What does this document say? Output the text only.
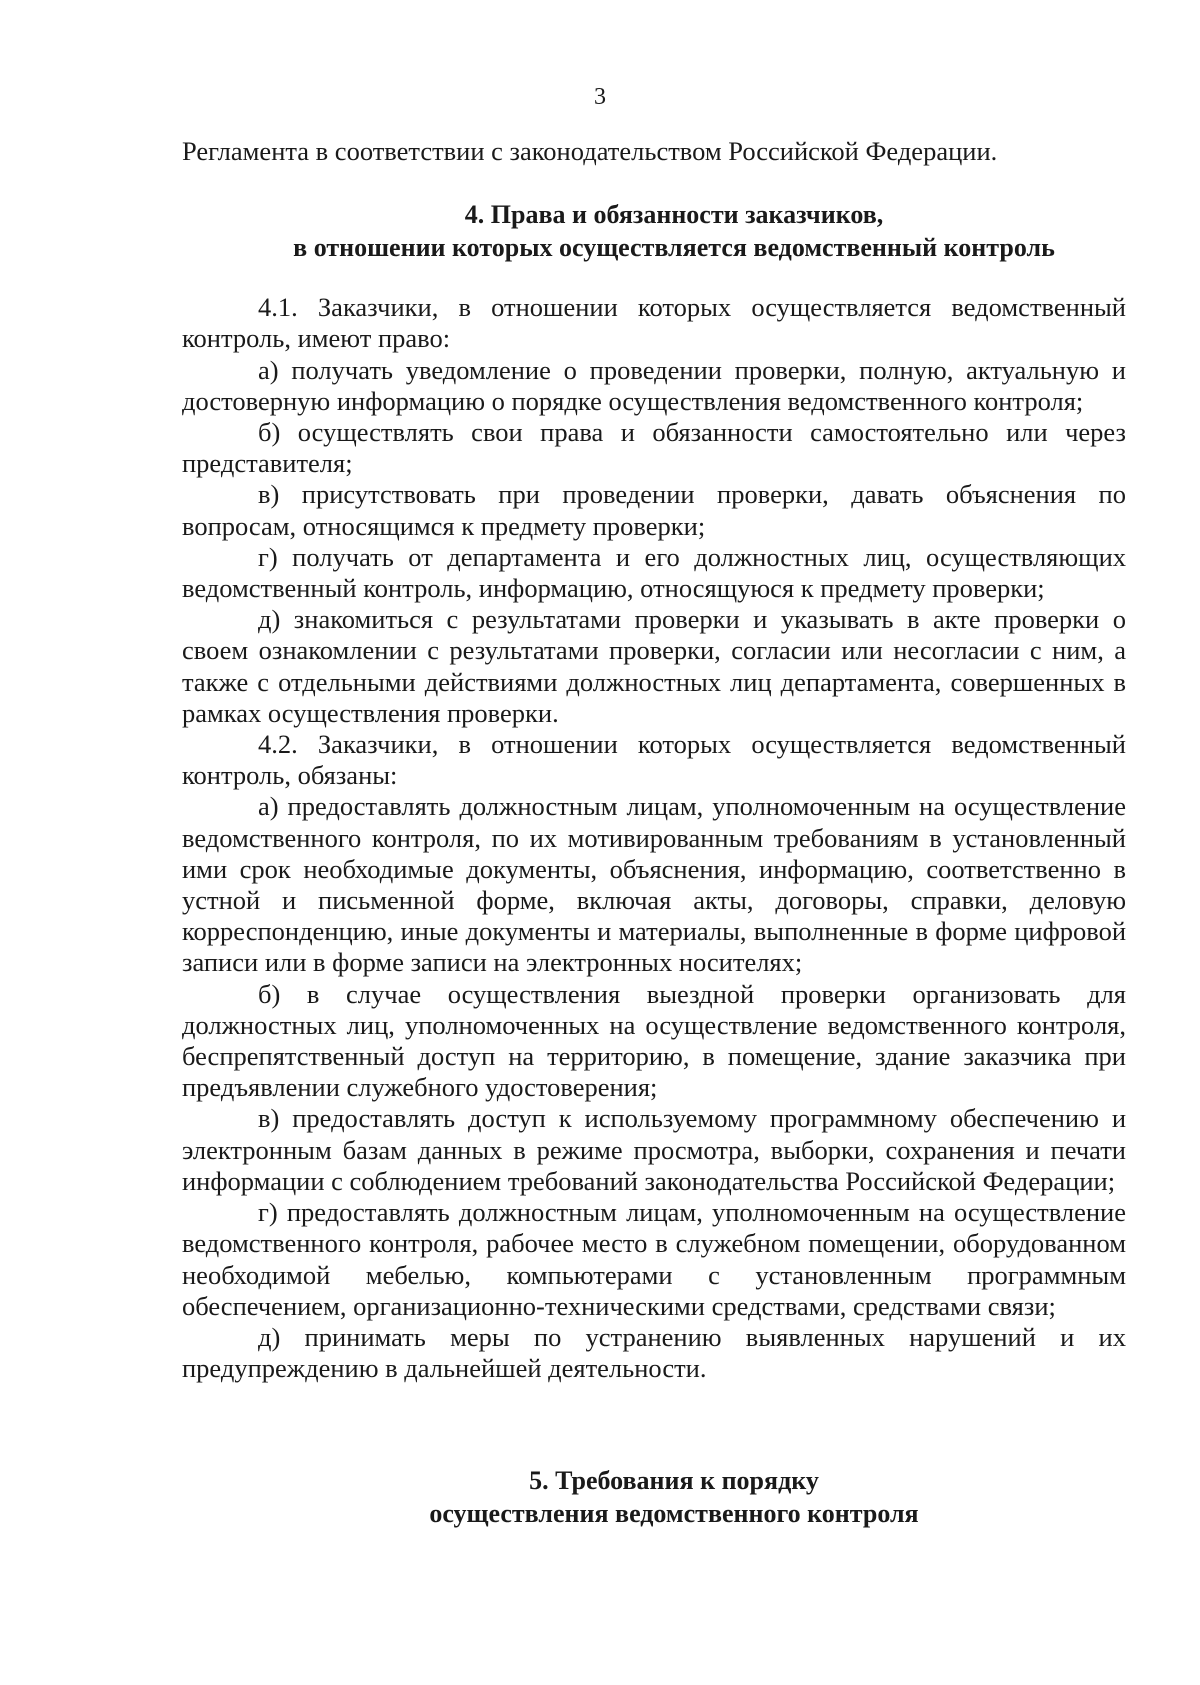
3

Регламента в соответствии с законодательством Российской Федерации.

4. Права и обязанности заказчиков,
в отношении которых осуществляется ведомственный контроль

4.1. Заказчики, в отношении которых осуществляется ведомственный контроль, имеют право:

а) получать уведомление о проведении проверки, полную, актуальную и достоверную информацию о порядке осуществления ведомственного контроля;

б) осуществлять свои права и обязанности самостоятельно или через представителя;

в) присутствовать при проведении проверки, давать объяснения по вопросам, относящимся к предмету проверки;

г) получать от департамента и его должностных лиц, осуществляющих ведомственный контроль, информацию, относящуюся к предмету проверки;

д) знакомиться с результатами проверки и указывать в акте проверки о своем ознакомлении с результатами проверки, согласии или несогласии с ним, а также с отдельными действиями должностных лиц департамента, совершенных в рамках осуществления проверки.

4.2. Заказчики, в отношении которых осуществляется ведомственный контроль, обязаны:

а) предоставлять должностным лицам, уполномоченным на осуществление ведомственного контроля, по их мотивированным требованиям в установленный ими срок необходимые документы, объяснения, информацию, соответственно в устной и письменной форме, включая акты, договоры, справки, деловую корреспонденцию, иные документы и материалы, выполненные в форме цифровой записи или в форме записи на электронных носителях;

б) в случае осуществления выездной проверки организовать для должностных лиц, уполномоченных на осуществление ведомственного контроля, беспрепятственный доступ на территорию, в помещение, здание заказчика при предъявлении служебного удостоверения;

в) предоставлять доступ к используемому программному обеспечению и электронным базам данных в режиме просмотра, выборки, сохранения и печати информации с соблюдением требований законодательства Российской Федерации;

г) предоставлять должностным лицам, уполномоченным на осуществление ведомственного контроля, рабочее место в служебном помещении, оборудованном необходимой мебелью, компьютерами с установленным программным обеспечением, организационно-техническими средствами, средствами связи;

д) принимать меры по устранению выявленных нарушений и их предупреждению в дальнейшей деятельности.

5. Требования к порядку
осуществления ведомственного контроля
